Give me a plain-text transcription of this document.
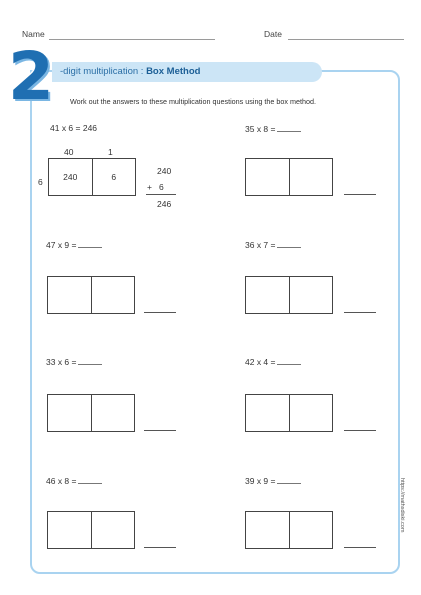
Name	Date
-digit multiplication : Box Method
2 Work out the answers to these multiplication questions using the box method.
41 x 6 = 246
40	1
6	240	6
240
+   6
246
35 x 8 =
47 x 9 =	36 x 7 =
33 x 6 =	42 x 4 =
46 x 8 =	39 x 9 =	https://mathsdiski.com
